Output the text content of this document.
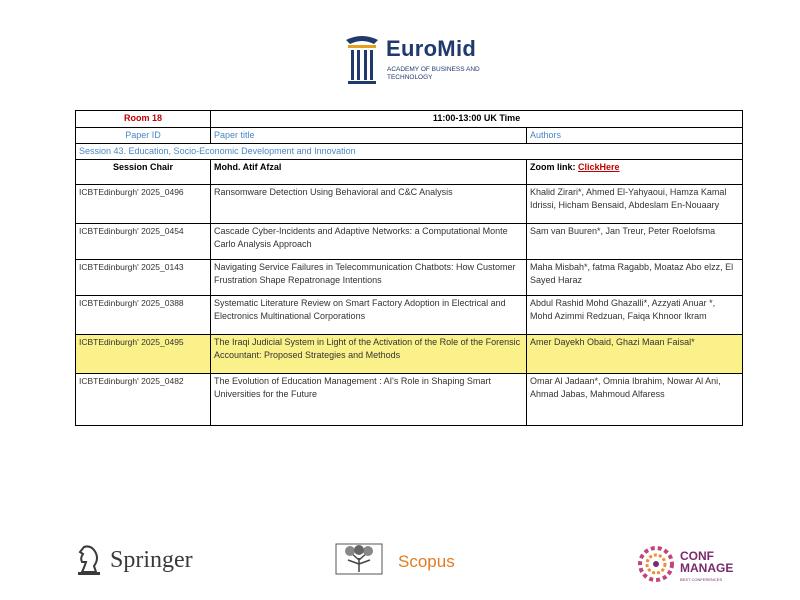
EuroMid
ACADEMY OF BUSINESS AND TECHNOLOGY
Room 18	11:00-13:00 UK Time	
Paper ID	Paper title	Authors
Session 43. Education, Socio-Economic Development and Innovation		
Session Chair	Mohd. Atif Afzal	Zoom link: ClickHere
ICBTEdinburgh' 2025_0496	Ransomware Detection Using Behavioral and C&C Analysis	Khalid Zirari*, Ahmed El-Yahyaoui, Hamza Kamal Idrissi, Hicham Bensaid, Abdeslam En-Nouaary
ICBTEdinburgh' 2025_0454	Cascade Cyber-Incidents and Adaptive Networks: a Computational Monte Carlo Analysis Approach	Sam van Buuren*, Jan Treur, Peter Roelofsma
ICBTEdinburgh' 2025_0143	Navigating Service Failures in Telecommunication Chatbots: How Customer Frustration Shape Repatronage Intentions	Maha Misbah*, fatma Ragabb, Moataz Abo elzz, El Sayed Haraz
ICBTEdinburgh' 2025_0388	Systematic Literature Review on Smart Factory Adoption in Electrical and Electronics Multinational Corporations	Abdul Rashid Mohd Ghazalli*, Azzyati Anuar *, Mohd Azimmi Redzuan, Faiqa Khnoor Ikram
ICBTEdinburgh' 2025_0495	The Iraqi Judicial System in Light of the Activation of the Role of the Forensic Accountant: Proposed Strategies and Methods	Amer Dayekh Obaid, Ghazi Maan Faisal*
ICBTEdinburgh' 2025_0482	The Evolution of Education Management : AI's Role in Shaping Smart Universities for the Future	Omar Al Jadaan*, Omnia Ibrahim, Nowar Al Ani, Ahmad Jabas, Mahmoud Alfaress
Springer	Scopus	CONF
MANAGE
BEST CONFERENCES
